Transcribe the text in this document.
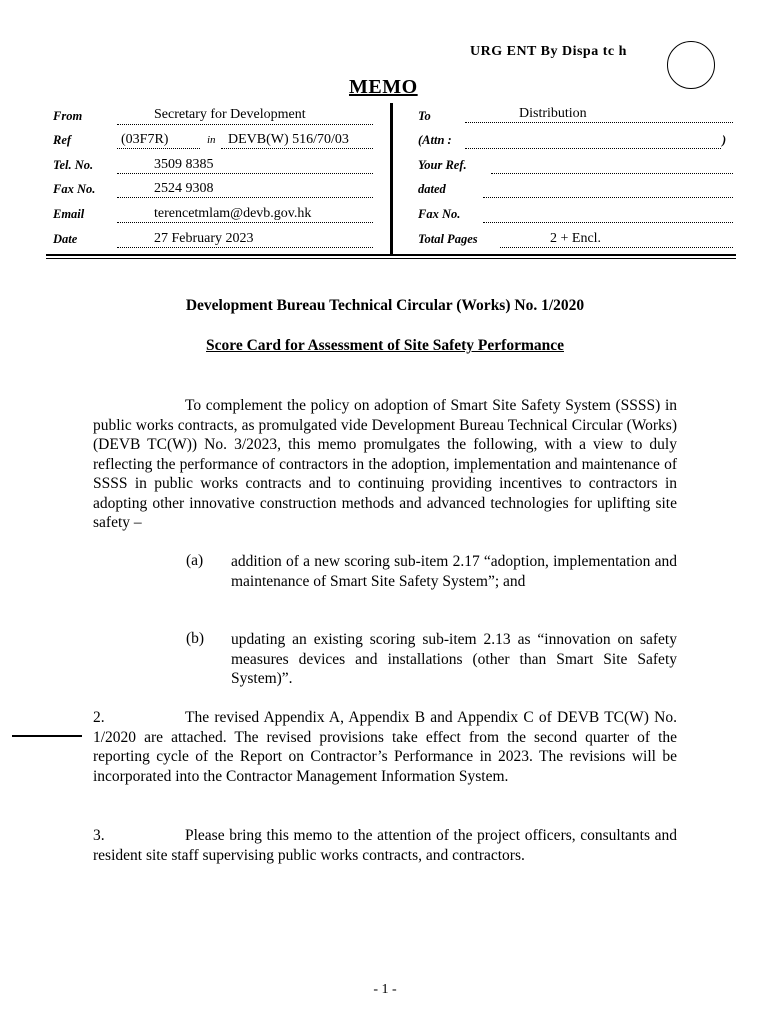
URG ENT By Dispa tc h
MEMO
From	Secretary for Development
Ref	(03F7R)	in DEVB(W) 516/70/03
Tel. No.	3509 8385
Fax No.	2524 9308
Email	terencetmlam@devb.gov.hk
Date	27 February 2023
To	Distribution
(Attn :	)
Your Ref.
dated
Fax No.
Total Pages	2 + Encl.
Development Bureau Technical Circular (Works) No. 1/2020
Score Card for Assessment of Site Safety Performance
To complement the policy on adoption of Smart Site Safety System (SSSS) in public works contracts, as promulgated vide Development Bureau Technical Circular (Works) (DEVB TC(W)) No. 3/2023, this memo promulgates the following, with a view to duly reflecting the performance of contractors in the adoption, implementation and maintenance of SSSS in public works contracts and to continuing providing incentives to contractors in adopting other innovative construction methods and advanced technologies for uplifting site safety –
(a) addition of a new scoring sub-item 2.17 “adoption, implementation and maintenance of Smart Site Safety System”; and
(b) updating an existing scoring sub-item 2.13 as “innovation on safety measures devices and installations (other than Smart Site Safety System)”.
2.	The revised Appendix A, Appendix B and Appendix C of DEVB TC(W) No. 1/2020 are attached. The revised provisions take effect from the second quarter of the reporting cycle of the Report on Contractor’s Performance in 2023. The revisions will be incorporated into the Contractor Management Information System.
3.	Please bring this memo to the attention of the project officers, consultants and resident site staff supervising public works contracts, and contractors.
- 1 -
